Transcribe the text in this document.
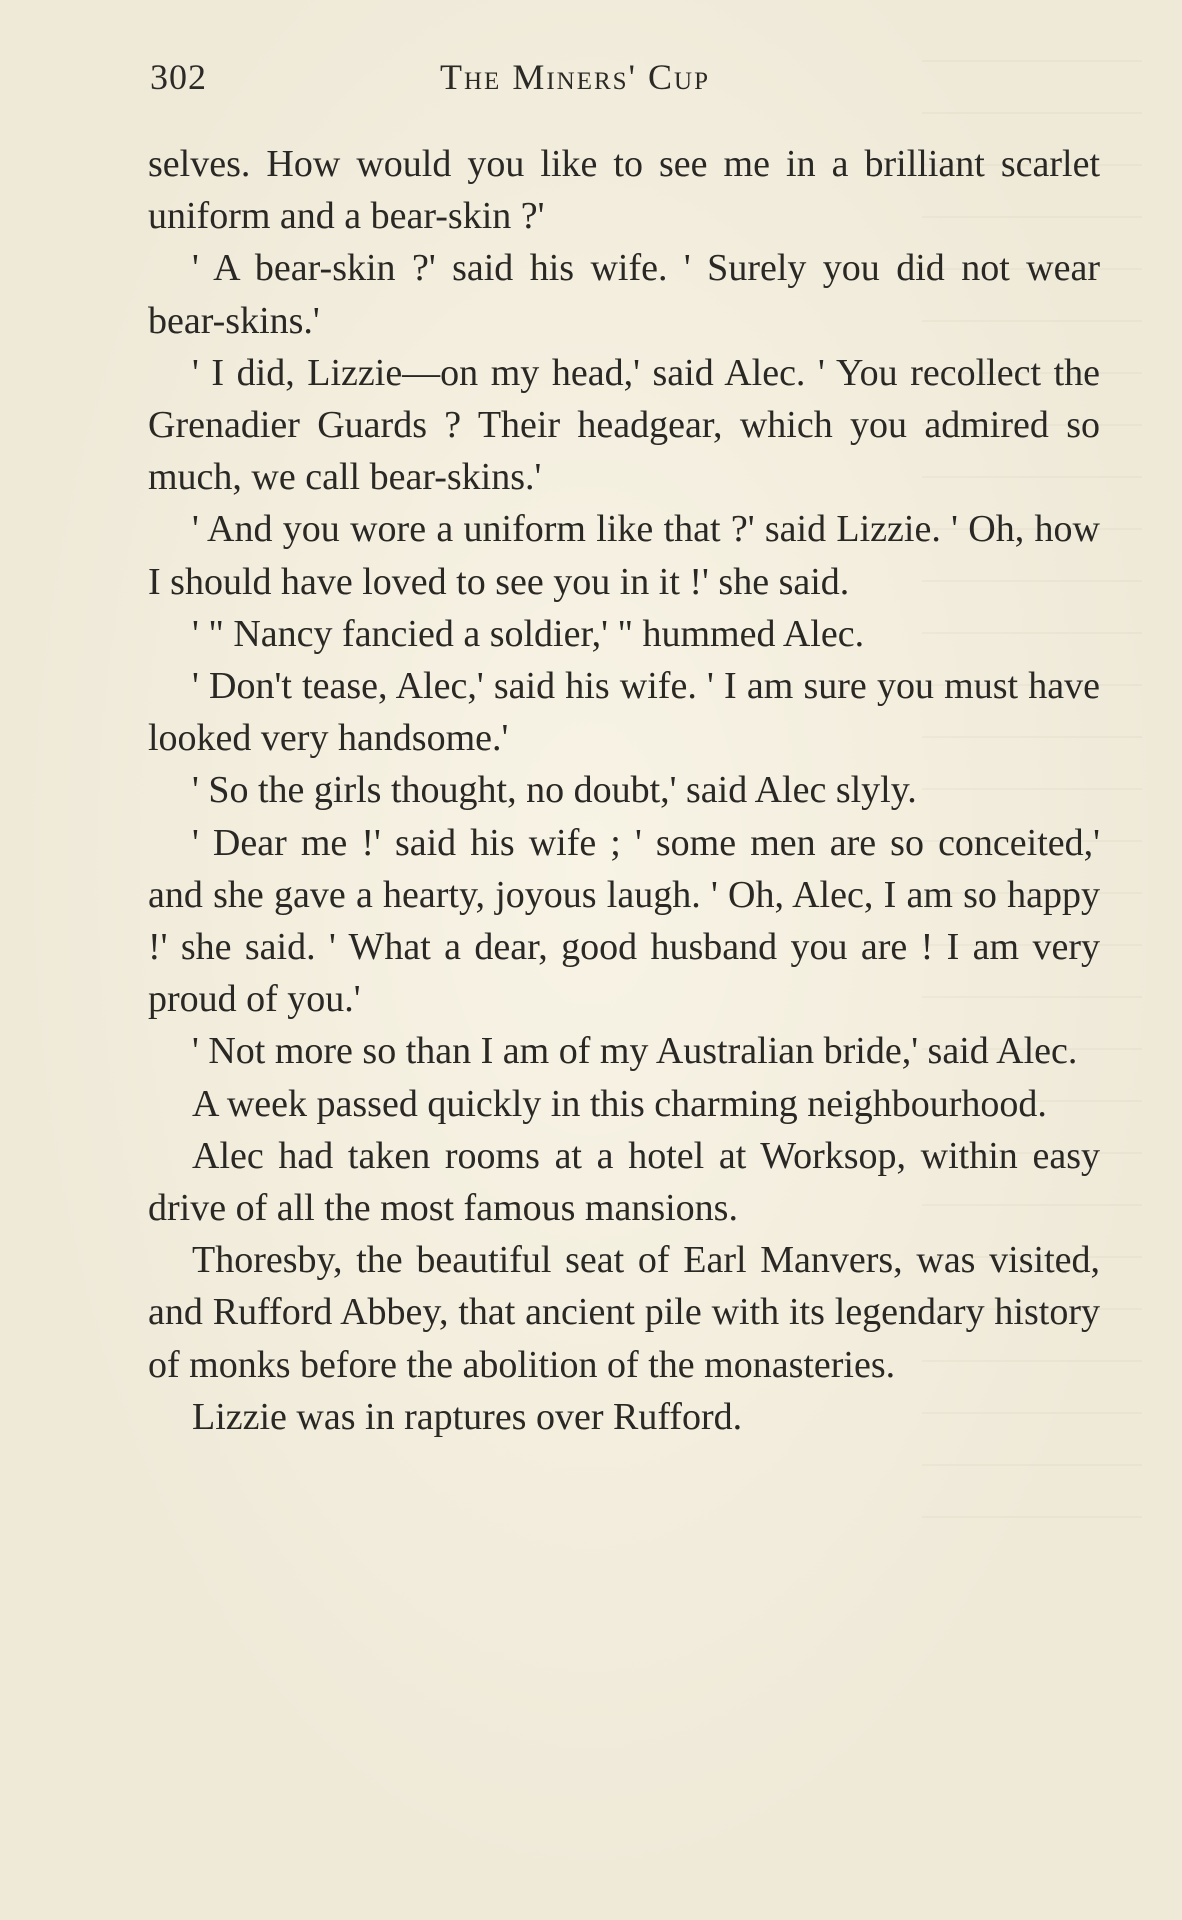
302	The Miners' Cup

selves. How would you like to see me in a brilliant scarlet uniform and a bear-skin ?'

' A bear-skin ?' said his wife. ' Surely you did not wear bear-skins.'

' I did, Lizzie—on my head,' said Alec. ' You recollect the Grenadier Guards ? Their headgear, which you admired so much, we call bear-skins.'

' And you wore a uniform like that ?' said Lizzie. ' Oh, how I should have loved to see you in it !' she said.

' " Nancy fancied a soldier,' " hummed Alec.

' Don't tease, Alec,' said his wife. ' I am sure you must have looked very handsome.'

' So the girls thought, no doubt,' said Alec slyly.

' Dear me !' said his wife ; ' some men are so conceited,' and she gave a hearty, joyous laugh. ' Oh, Alec, I am so happy !' she said. ' What a dear, good husband you are ! I am very proud of you.'

' Not more so than I am of my Australian bride,' said Alec.

A week passed quickly in this charming neighbourhood.

Alec had taken rooms at a hotel at Worksop, within easy drive of all the most famous mansions.

Thoresby, the beautiful seat of Earl Manvers, was visited, and Rufford Abbey, that ancient pile with its legendary history of monks before the abolition of the monasteries.

Lizzie was in raptures over Rufford.
